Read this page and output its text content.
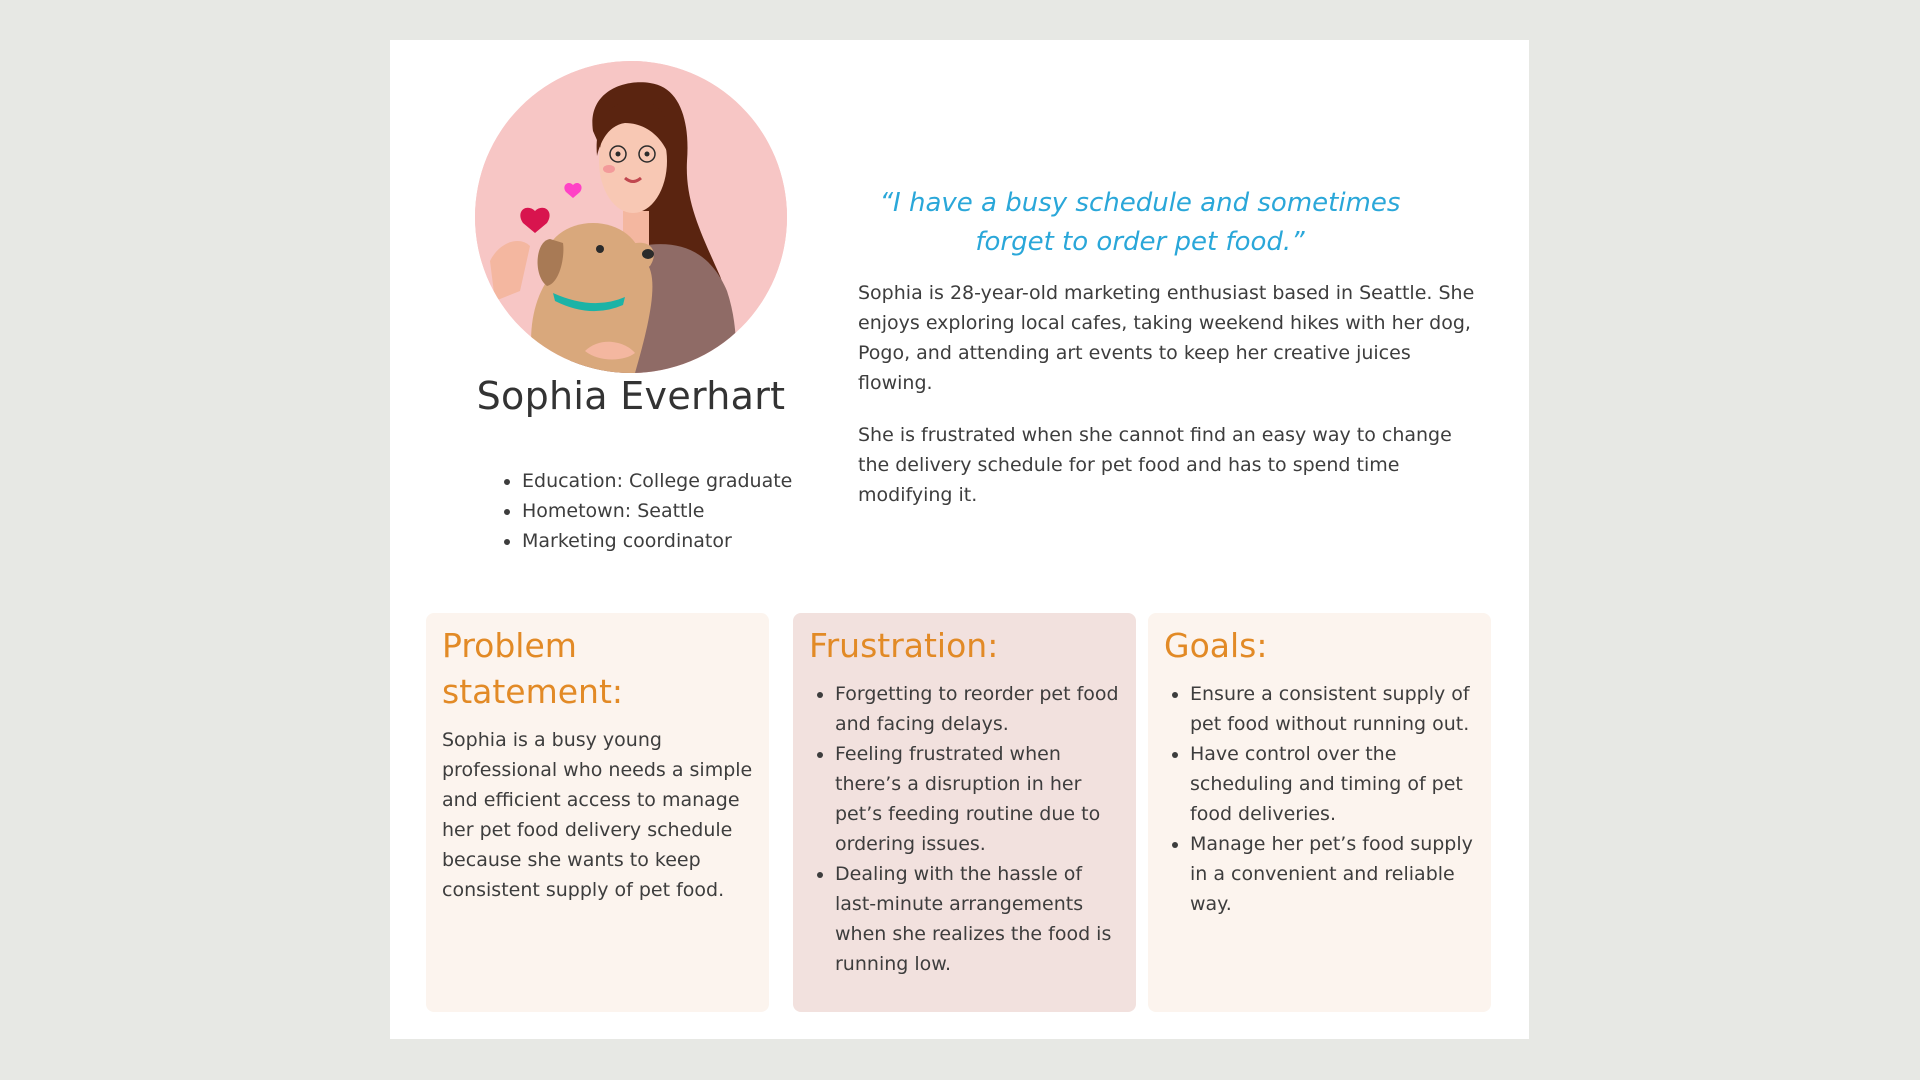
Sophia Everhart
• Education: College graduate
• Hometown: Seattle
• Marketing coordinator
“I have a busy schedule and sometimes
forget to order pet food.”

Sophia is 28-year-old marketing enthusiast based in Seattle. She enjoys exploring local cafes, taking weekend hikes with her dog, Pogo, and attending art events to keep her creative juices flowing.

She is frustrated when she cannot find an easy way to change the delivery schedule for pet food and has to spend time modifying it.

Problem statement:

Sophia is a busy young professional who needs a simple and efficient access to manage her pet food delivery schedule because she wants to keep consistent supply of pet food.

Frustration:
• Forgetting to reorder pet food and facing delays.
• Feeling frustrated when there’s a disruption in her pet’s feeding routine due to ordering issues.
• Dealing with the hassle of last-minute arrangements when she realizes the food is running low.
Goals:
• Ensure a consistent supply of pet food without running out.
• Have control over the scheduling and timing of pet food deliveries.
• Manage her pet’s food supply in a convenient and reliable way.
